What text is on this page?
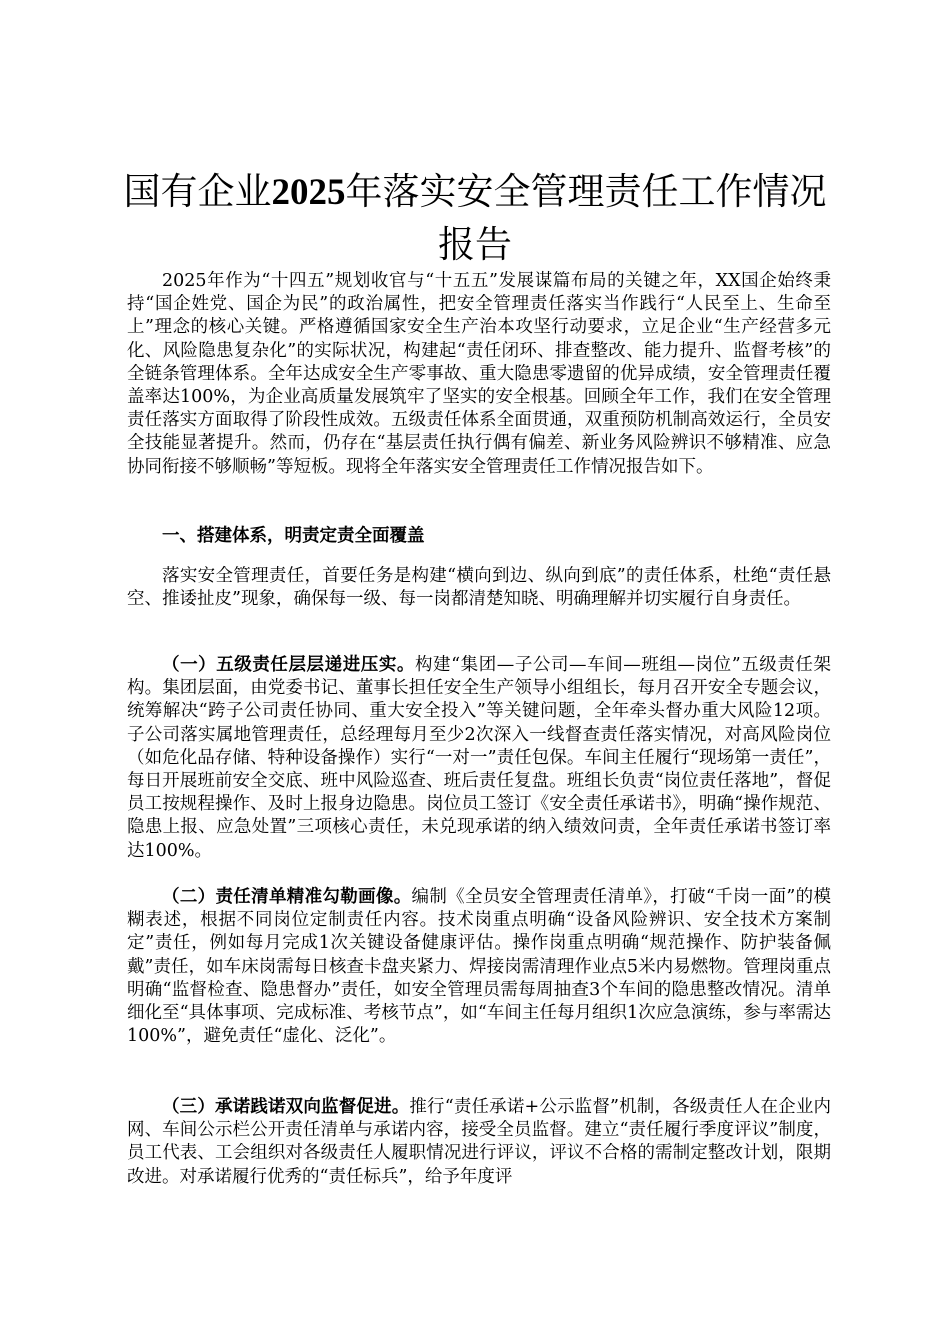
国有企业2025年落实安全管理责任工作情况
报告

2025年作为“十四五”规划收官与“十五五”发展谋篇布局的关键之年，XX国企始终秉持“国企姓党、国企为民”的政治属性，把安全管理责任落实当作践行“人民至上、生命至上”理念的核心关键。严格遵循国家安全生产治本攻坚行动要求，立足企业“生产经营多元化、风险隐患复杂化”的实际状况，构建起“责任闭环、排查整改、能力提升、监督考核”的全链条管理体系。全年达成安全生产零事故、重大隐患零遗留的优异成绩，安全管理责任覆盖率达100%，为企业高质量发展筑牢了坚实的安全根基。回顾全年工作，我们在安全管理责任落实方面取得了阶段性成效。五级责任体系全面贯通，双重预防机制高效运行，全员安全技能显著提升。然而，仍存在“基层责任执行偶有偏差、新业务风险辨识不够精准、应急协同衔接不够顺畅”等短板。现将全年落实安全管理责任工作情况报告如下。

一、搭建体系，明责定责全面覆盖

落实安全管理责任，首要任务是构建“横向到边、纵向到底”的责任体系，杜绝“责任悬空、推诿扯皮”现象，确保每一级、每一岗都清楚知晓、明确理解并切实履行自身责任。

（一）五级责任层层递进压实。构建“集团—子公司—车间—班组—岗位”五级责任架构。集团层面，由党委书记、董事长担任安全生产领导小组组长，每月召开安全专题会议，统筹解决“跨子公司责任协同、重大安全投入”等关键问题，全年牵头督办重大风险12项。子公司落实属地管理责任，总经理每月至少2次深入一线督查责任落实情况，对高风险岗位（如危化品存储、特种设备操作）实行“一对一”责任包保。车间主任履行“现场第一责任”，每日开展班前安全交底、班中风险巡查、班后责任复盘。班组长负责“岗位责任落地”，督促员工按规程操作、及时上报身边隐患。岗位员工签订《安全责任承诺书》，明确“操作规范、隐患上报、应急处置”三项核心责任，未兑现承诺的纳入绩效问责，全年责任承诺书签订率达100%。

（二）责任清单精准勾勒画像。编制《全员安全管理责任清单》，打破“千岗一面”的模糊表述，根据不同岗位定制责任内容。技术岗重点明确“设备风险辨识、安全技术方案制定”责任，例如每月完成1次关键设备健康评估。操作岗重点明确“规范操作、防护装备佩戴”责任，如车床岗需每日核查卡盘夹紧力、焊接岗需清理作业点5米内易燃物。管理岗重点明确“监督检查、隐患督办”责任，如安全管理员需每周抽查3个车间的隐患整改情况。清单细化至“具体事项、完成标准、考核节点”，如“车间主任每月组织1次应急演练，参与率需达100%”，避免责任“虚化、泛化”。

（三）承诺践诺双向监督促进。推行“责任承诺+公示监督”机制，各级责任人在企业内网、车间公示栏公开责任清单与承诺内容，接受全员监督。建立“责任履行季度评议”制度，员工代表、工会组织对各级责任人履职情况进行评议，评议不合格的需制定整改计划，限期改进。对承诺履行优秀的“责任标兵”，给予年度评
